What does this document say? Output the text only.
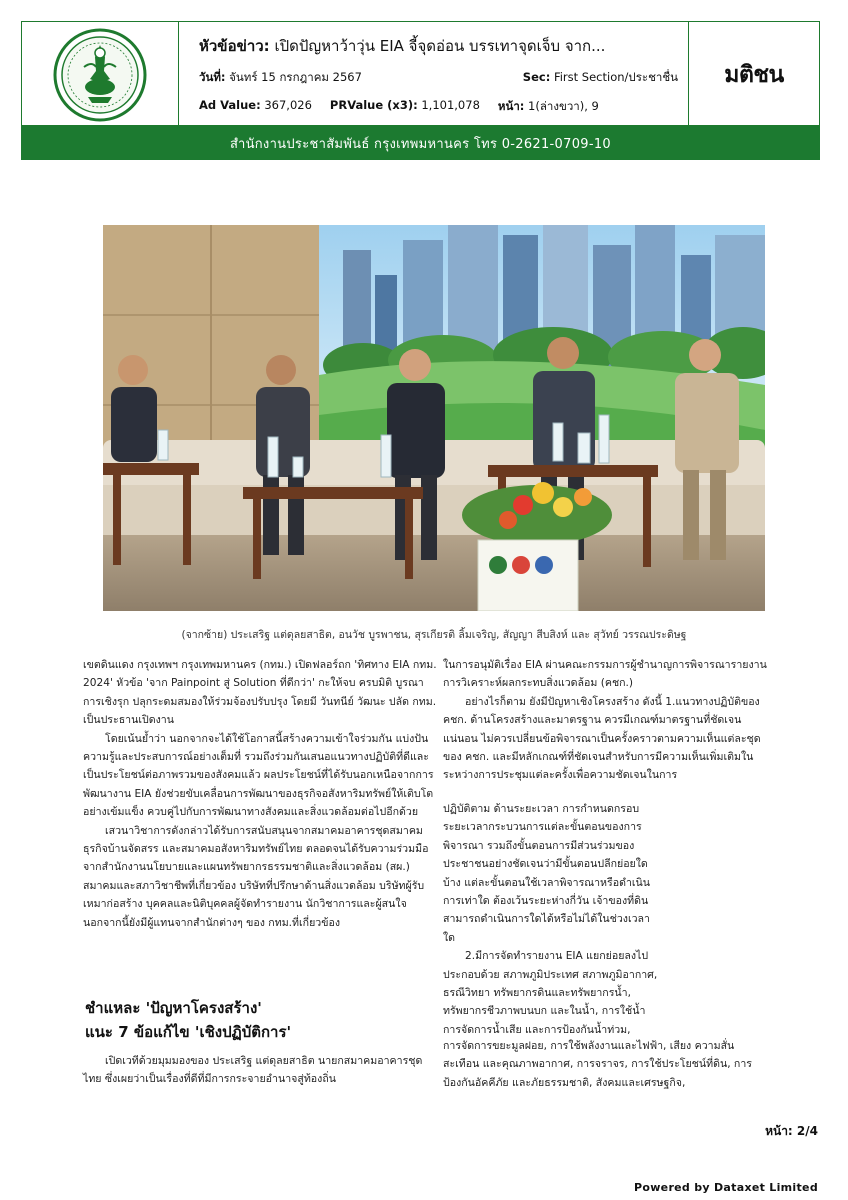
หัวข้อข่าว: เปิดปัญหาว้าวุ่น EIA จี้จุดอ่อน บรรเทาจุดเจ็บ จาก...
วันที่: จันทร์ 15 กรกฎาคม 2567	Sec: First Section/ประชาชื่น
Ad Value: 367,026 PRValue (x3): 1,101,078 หน้า: 1(ล่างขวา), 9
มติชน
สำนักงานประชาสัมพันธ์ กรุงเทพมหานคร โทร 0-2621-0709-10
(จากซ้าย) ประเสริฐ แต่ดุลยสาธิต, อนวัช บูรพาชน, สุรเกียรติ ลิ้มเจริญ, สัญญา สีบสิงห์ และ สุวัทย์ วรรณประดิษฐ

เขตดินแดง กรุงเทพฯ กรุงเทพมหานคร (กทม.) เปิดฟลอร์ถก 'ทิศทาง EIA กทม. 2024' หัวข้อ 'จาก Painpoint สู่ Solution ที่ดีกว่า' กะให้จบ ครบมิติ บูรณาการเชิงรุก ปลุกระดมสมองให้ร่วมจ้องปรับปรุง โดยมี วันทนีย์ วัฒนะ ปลัด กทม. เป็นประธานเปิดงาน

โดยเน้นย้ำว่า นอกจากจะได้ใช้โอกาสนี้สร้างความเข้าใจร่วมกัน แบ่งปันความรู้และประสบการณ์อย่างเต็มที่ รวมถึงร่วมกันเสนอแนวทางปฏิบัติที่ดีและเป็นประโยชน์ต่อภาพรวมของสังคมแล้ว ผลประโยชน์ที่ได้รับนอกเหนือจากการพัฒนางาน EIA ยังช่วยขับเคลื่อนการพัฒนาของธุรกิจอสังหาริมทรัพย์ให้เติบโตอย่างเข้มแข็ง ควบคู่ไปกับการพัฒนาทางสังคมและสิ่งแวดล้อมต่อไปอีกด้วย

เสวนาวิชาการดังกล่าวได้รับการสนับสนุนจากสมาคมอาคารชุดสมาคมธุรกิจบ้านจัดสรร และสมาคมอสังหาริมทรัพย์ไทย ตลอดจนได้รับความร่วมมือจากสำนักงานนโยบายและแผนทรัพยากรธรรมชาติและสิ่งแวดล้อม (สผ.) สมาคมและสภาวิชาชีพที่เกี่ยวข้อง บริษัทที่ปรึกษาด้านสิ่งแวดล้อม บริษัทผู้รับเหมาก่อสร้าง บุคคลและนิติบุคคลผู้จัดทำรายงาน นักวิชาการและผู้สนใจ นอกจากนี้ยังมีผู้แทนจากสำนักต่างๆ ของ กทม.ที่เกี่ยวข้อง

ชำแหละ 'ปัญหาโครงสร้าง'
แนะ 7 ข้อแก้ไข 'เชิงปฏิบัติการ'

เปิดเวทีด้วยมุมมองของ ประเสริฐ แต่ดุลยสาธิต นายกสมาคมอาคารชุดไทย ซึ่งเผยว่าเป็นเรื่องที่ดีที่มีการกระจายอำนาจสู่ท้องถิ่น

ในการอนุมัติเรื่อง EIA ผ่านคณะกรรมการผู้ชำนาญการพิจารณารายงานการวิเคราะห์ผลกระทบสิ่งแวดล้อม (คชก.)

อย่างไรก็ตาม ยังมีปัญหาเชิงโครงสร้าง ดังนี้ 1.แนวทางปฏิบัติของ คชก. ด้านโครงสร้างและมาตรฐาน ควรมีเกณฑ์มาตรฐานที่ชัดเจนแน่นอน ไม่ควรเปลี่ยนข้อพิจารณาเป็นครั้งคราวตามความเห็นแต่ละชุดของ คชก. และมีหลักเกณฑ์ที่ชัดเจนสำหรับการมีความเห็นเพิ่มเติมในระหว่างการประชุมแต่ละครั้งเพื่อความชัดเจนในการ

ปฏิบัติตาม ด้านระยะเวลา การกำหนดกรอบระยะเวลากระบวนการแต่ละขั้นตอนของการพิจารณา รวมถึงขั้นตอนการมีส่วนร่วมของประชาชนอย่างชัดเจนว่ามีขั้นตอนปลีกย่อยใดบ้าง แต่ละขั้นตอนใช้เวลาพิจารณาหรือดำเนินการเท่าใด ต้องเว้นระยะห่างกี่วัน เจ้าของที่ดินสามารถดำเนินการใดได้หรือไม่ได้ในช่วงเวลาใด

2.มีการจัดทำรายงาน EIA แยกย่อยลงไป ประกอบด้วย สภาพภูมิประเทศ สภาพภูมิอากาศ, ธรณีวิทยา ทรัพยากรดินและทรัพยากรน้ำ, ทรัพยากรชีวภาพบนบก และในน้ำ, การใช้น้ำ การจัดการน้ำเสีย และการป้องกันน้ำท่วม,

การจัดการขยะมูลฝอย, การใช้พลังงานและไฟฟ้า, เสียง ความสั่นสะเทือน และคุณภาพอากาศ, การจราจร, การใช้ประโยชน์ที่ดิน, การป้องกันอัคคีภัย และภัยธรรมชาติ, สังคมและเศรษฐกิจ,

หน้า: 2/4
Powered by Dataxet Limited
